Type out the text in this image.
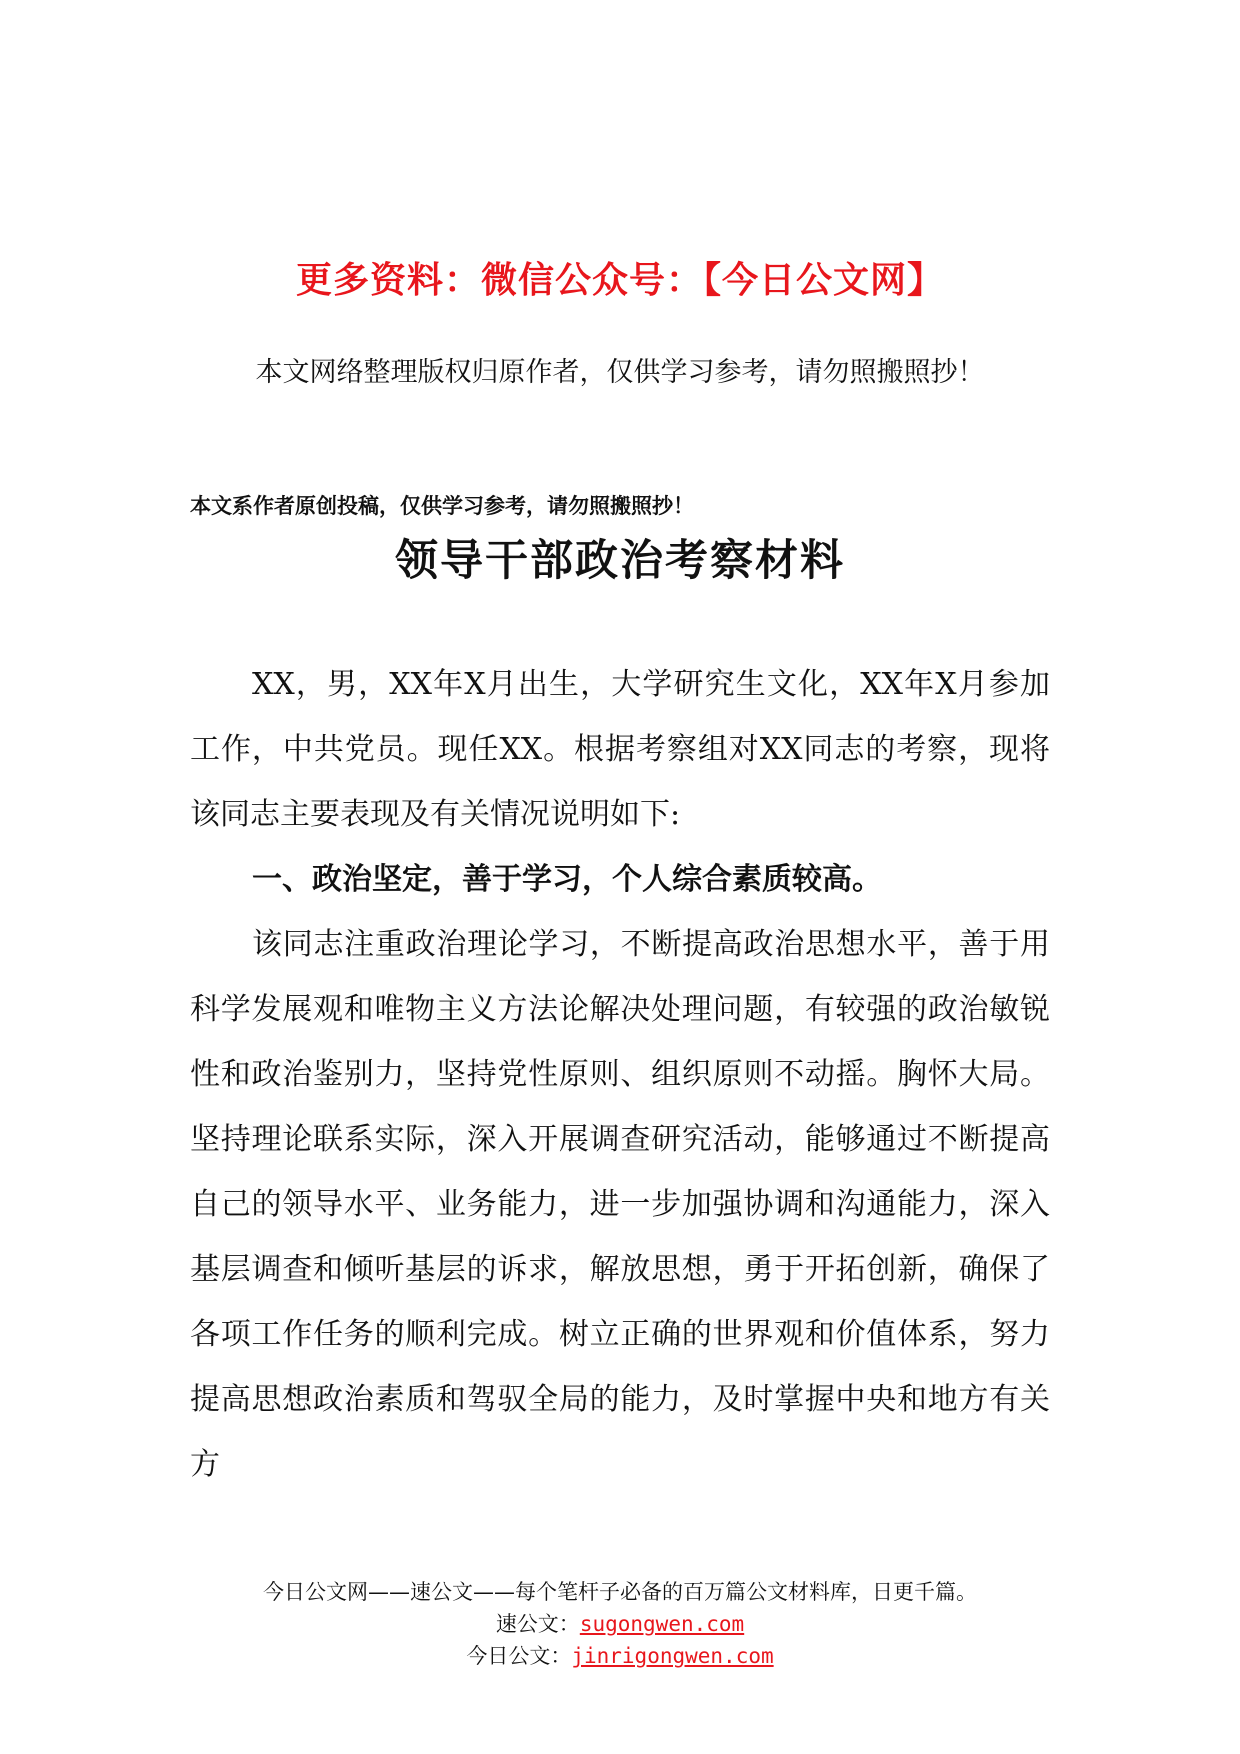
更多资料：微信公众号：【今日公文网】
本文网络整理版权归原作者，仅供学习参考，请勿照搬照抄！
本文系作者原创投稿，仅供学习参考，请勿照搬照抄！
领导干部政治考察材料

XX，男，XX年X月出生，大学研究生文化，XX年X月参加工作，中共党员。现任XX。根据考察组对XX同志的考察，现将该同志主要表现及有关情况说明如下:

一、政治坚定，善于学习，个人综合素质较高。

该同志注重政治理论学习，不断提高政治思想水平，善于用科学发展观和唯物主义方法论解决处理问题，有较强的政治敏锐性和政治鉴别力，坚持党性原则、组织原则不动摇。胸怀大局。坚持理论联系实际，深入开展调查研究活动，能够通过不断提高自己的领导水平、业务能力，进一步加强协调和沟通能力，深入基层调查和倾听基层的诉求，解放思想，勇于开拓创新，确保了各项工作任务的顺利完成。树立正确的世界观和价值体系，努力提高思想政治素质和驾驭全局的能力，及时掌握中央和地方有关方

今日公文网——速公文——每个笔杆子必备的百万篇公文材料库，日更千篇。
速公文：sugongwen.com
今日公文：jinrigongwen.com
